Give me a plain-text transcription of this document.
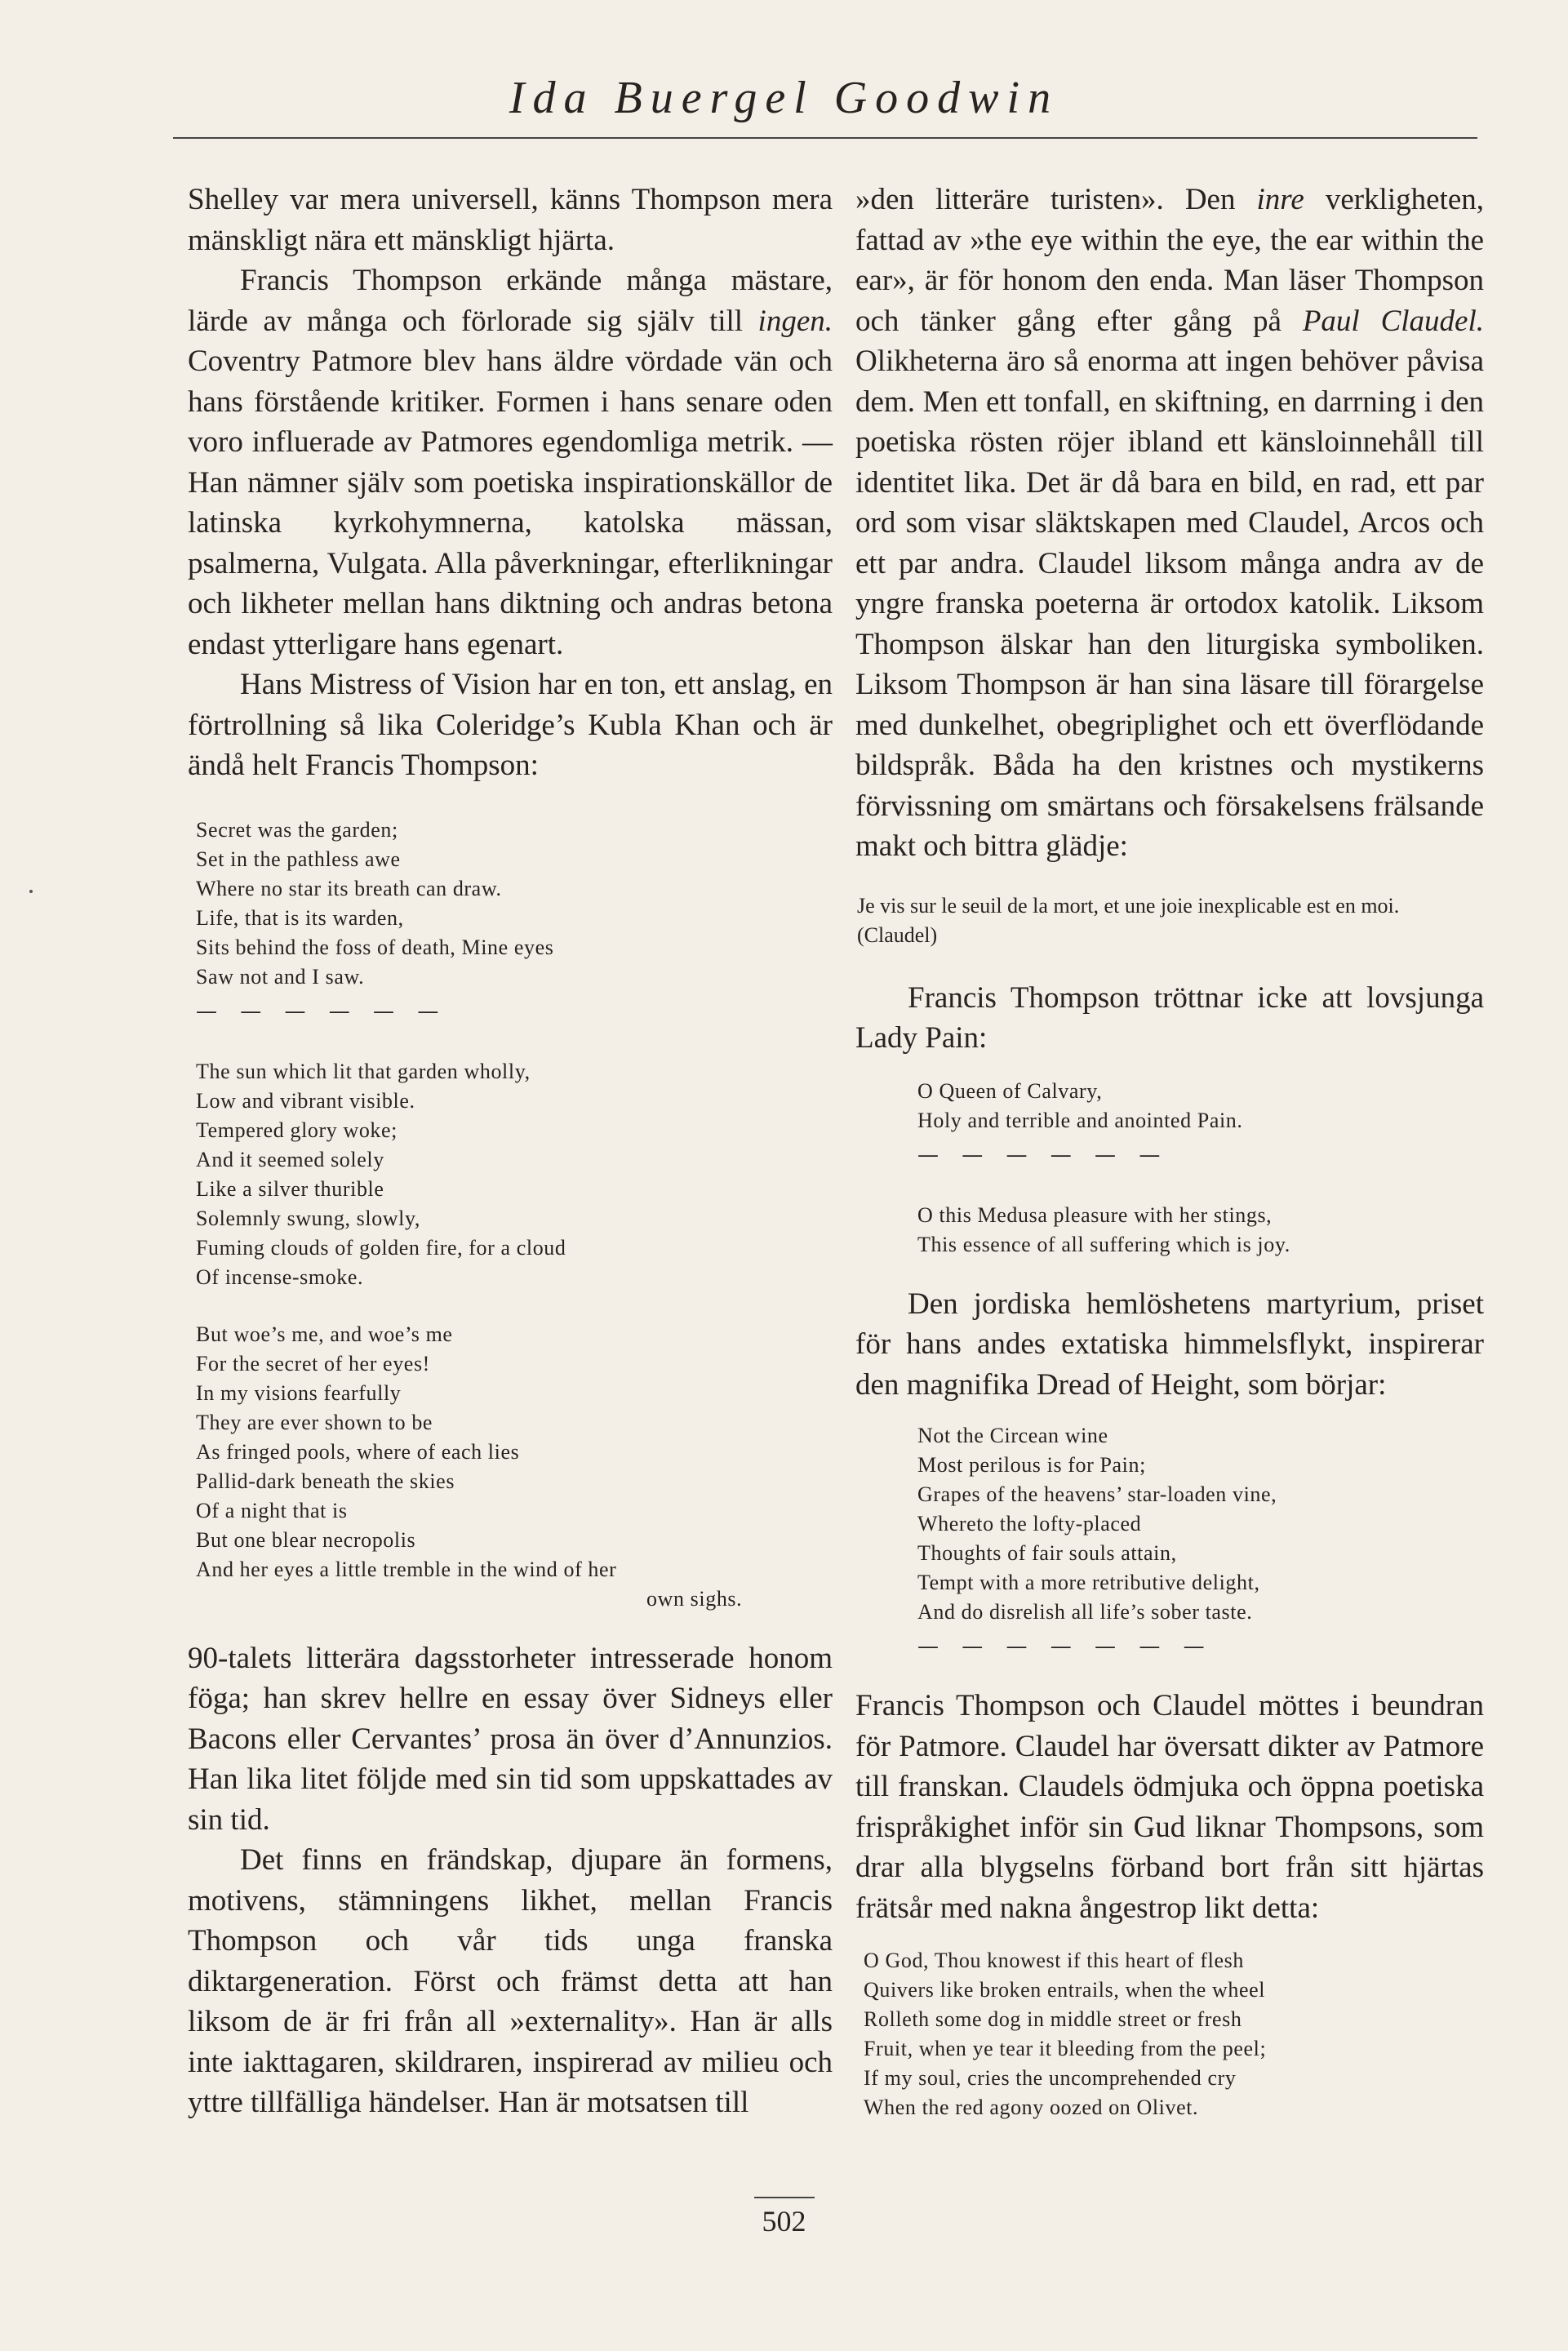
Ida Buergel Goodwin

Shelley var mera universell, känns Thompson mera mänskligt nära ett mänskligt hjärta.

Francis Thompson erkände många mästare, lärde av många och förlorade sig själv till ingen. Coventry Patmore blev hans äldre vördade vän och hans förstående kritiker. Formen i hans senare oden voro influerade av Patmores egendomliga metrik. — Han nämner själv som poetiska inspirationskällor de latinska kyrkohymnerna, katolska mässan, psalmerna, Vulgata. Alla påverkningar, efterlikningar och likheter mellan hans diktning och andras betona endast ytterligare hans egenart.

Hans Mistress of Vision har en ton, ett anslag, en förtrollning så lika Coleridge’s Kubla Khan och är ändå helt Francis Thompson:

Secret was the garden;
Set in the pathless awe
Where no star its breath can draw.
Life, that is its warden,
Sits behind the foss of death, Mine eyes
Saw not and I saw.
— — — — — —
The sun which lit that garden wholly,
Low and vibrant visible.
Tempered glory woke;
And it seemed solely
Like a silver thurible
Solemnly swung, slowly,
Fuming clouds of golden fire, for a cloud
Of incense-smoke.
But woe’s me, and woe’s me
For the secret of her eyes!
In my visions fearfully
They are ever shown to be
As fringed pools, where of each lies
Pallid-dark beneath the skies
Of a night that is
But one blear necropolis
And her eyes a little tremble in the wind of her
own sighs.

90-talets litterära dagsstorheter intresserade honom föga; han skrev hellre en essay över Sidneys eller Bacons eller Cervantes’ prosa än över d’Annunzios. Han lika litet följde med sin tid som uppskattades av sin tid.

Det finns en frändskap, djupare än formens, motivens, stämningens likhet, mellan Francis Thompson och vår tids unga franska diktargeneration. Först och främst detta att han liksom de är fri från all »externality». Han är alls inte iakttagaren, skildraren, inspirerad av milieu och yttre tillfälliga händelser. Han är motsatsen till

»den litteräre turisten». Den inre verkligheten, fattad av »the eye within the eye, the ear within the ear», är för honom den enda. Man läser Thompson och tänker gång efter gång på Paul Claudel. Olikheterna äro så enorma att ingen behöver påvisa dem. Men ett tonfall, en skiftning, en darrning i den poetiska rösten röjer ibland ett känsloinnehåll till identitet lika. Det är då bara en bild, en rad, ett par ord som visar släktskapen med Claudel, Arcos och ett par andra. Claudel liksom många andra av de yngre franska poeterna är ortodox katolik. Liksom Thompson älskar han den liturgiska symboliken. Liksom Thompson är han sina läsare till förargelse med dunkelhet, obegriplighet och ett överflödande bildspråk. Båda ha den kristnes och mystikerns förvissning om smärtans och försakelsens frälsande makt och bittra glädje:

Je vis sur le seuil de la mort, et une joie inexplicable est en moi. (Claudel)

Francis Thompson tröttnar icke att lovsjunga Lady Pain:

O Queen of Calvary,
Holy and terrible and anointed Pain.
— — — — — —
O this Medusa pleasure with her stings,
This essence of all suffering which is joy.

Den jordiska hemlöshetens martyrium, priset för hans andes extatiska himmelsflykt, inspirerar den magnifika Dread of Height, som börjar:

Not the Circean wine
Most perilous is for Pain;
Grapes of the heavens’ star-loaden vine,
Whereto the lofty-placed
Thoughts of fair souls attain,
Tempt with a more retributive delight,
And do disrelish all life’s sober taste.
— — — — — — —

Francis Thompson och Claudel möttes i beundran för Patmore. Claudel har översatt dikter av Patmore till franskan. Claudels ödmjuka och öppna poetiska frispråkighet inför sin Gud liknar Thompsons, som drar alla blygselns förband bort från sitt hjärtas frätsår med nakna ångestrop likt detta:

O God, Thou knowest if this heart of flesh
Quivers like broken entrails, when the wheel
Rolleth some dog in middle street or fresh
Fruit, when ye tear it bleeding from the peel;
If my soul, cries the uncomprehended cry
When the red agony oozed on Olivet.
502
